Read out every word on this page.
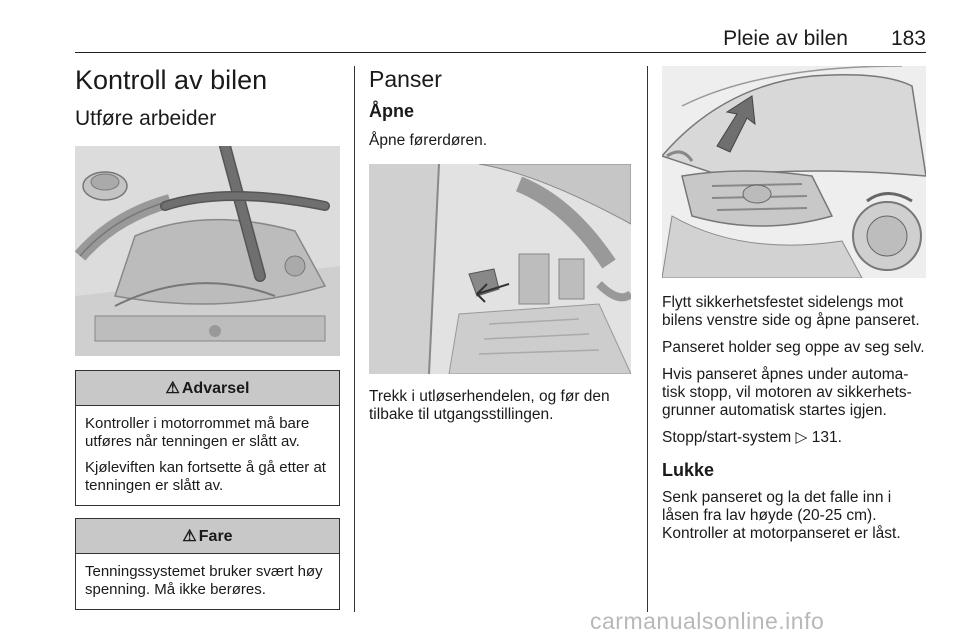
Pleie av bilen 183
Kontroll av bilen
Utføre arbeider
⚠ Advarsel

Kontroller i motorrommet må bare utføres når tenningen er slått av.

Kjøleviften kan fortsette å gå etter at tenningen er slått av.

⚠ Fare

Tenningssystemet bruker svært høy spenning. Må ikke berøres.

Panser
Åpne

Åpne førerdøren.

Trekk i utløserhendelen, og før den tilbake til utgangsstillingen.

Flytt sikkerhetsfestet sidelengs mot bilens venstre side og åpne panseret.

Panseret holder seg oppe av seg selv.

Hvis panseret åpnes under automa-tisk stopp, vil motoren av sikkerhets-grunner automatisk startes igjen.

Stopp/start-system ▷ 131.

Lukke

Senk panseret og la det falle inn i låsen fra lav høyde (20-25 cm). Kontroller at motorpanseret er låst.

carmanualsonline.info
